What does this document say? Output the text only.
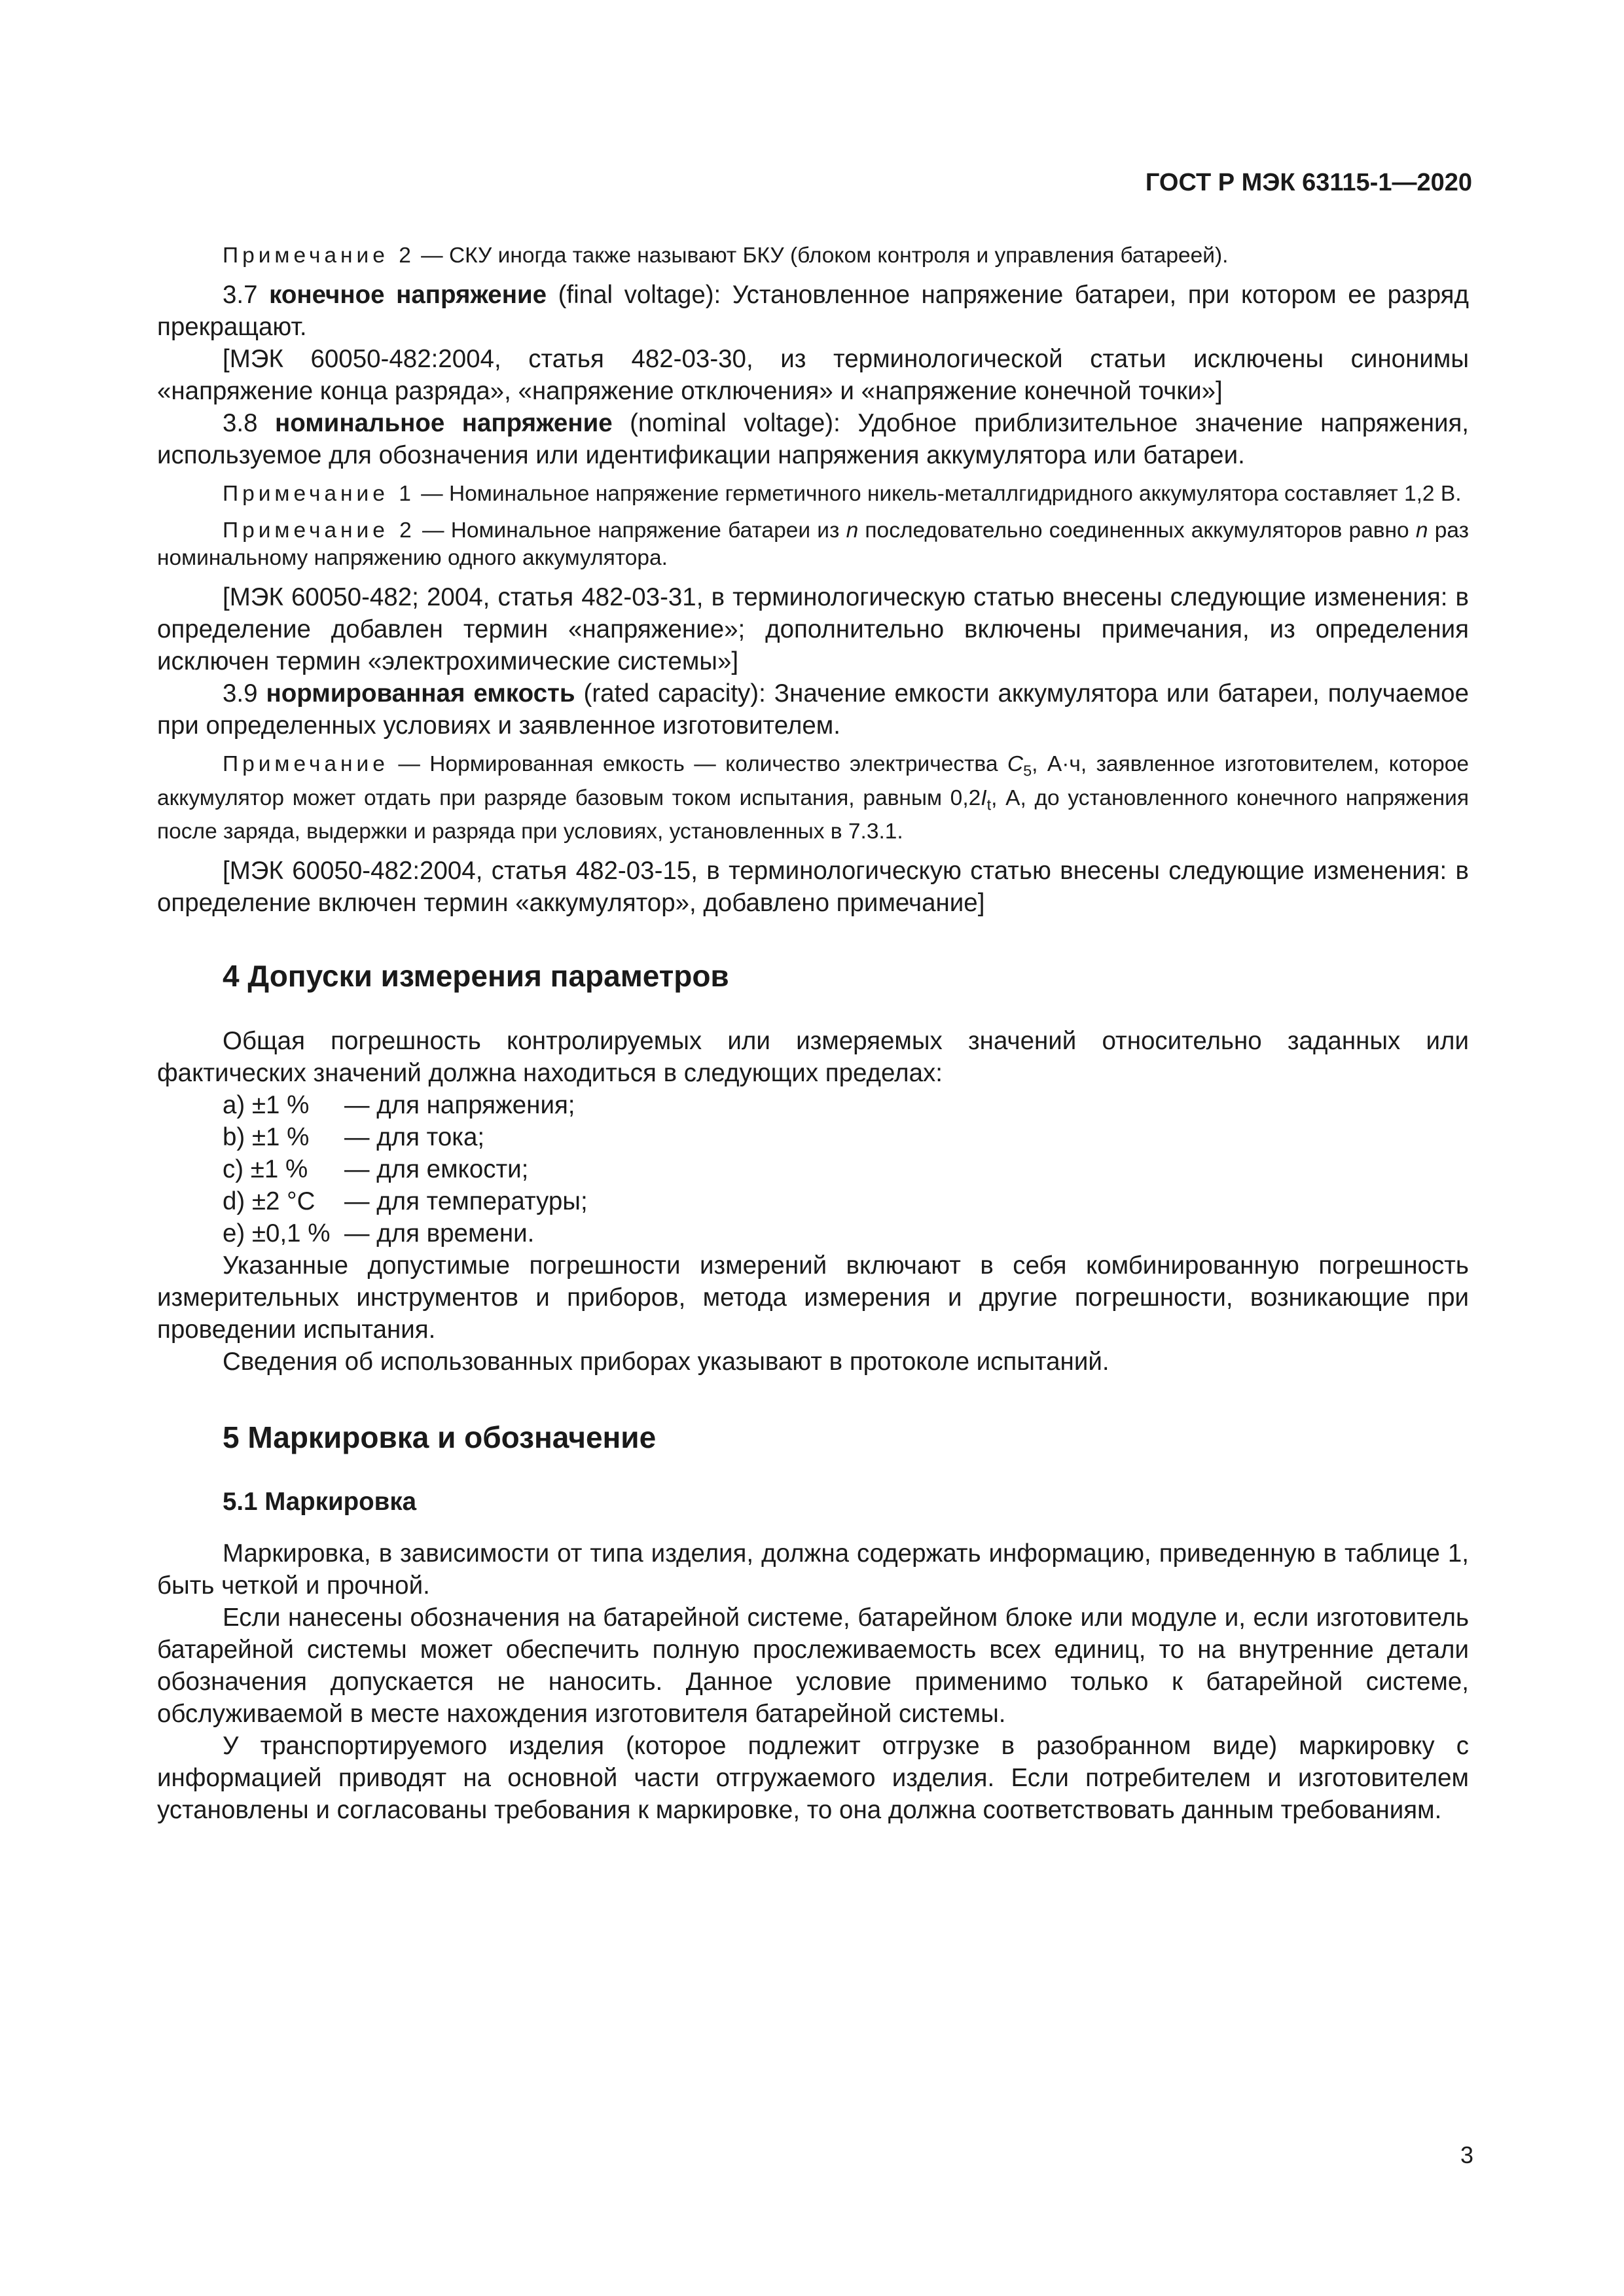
ГОСТ Р МЭК 63115-1—2020

Примечание 2 — СКУ иногда также называют БКУ (блоком контроля и управления батареей).

3.7 конечное напряжение (final voltage): Установленное напряжение батареи, при котором ее разряд прекращают.

[МЭК 60050-482:2004, статья 482-03-30, из терминологической статьи исключены синонимы «напряжение конца разряда», «напряжение отключения» и «напряжение конечной точки»]

3.8 номинальное напряжение (nominal voltage): Удобное приблизительное значение напряжения, используемое для обозначения или идентификации напряжения аккумулятора или батареи.

Примечание 1 — Номинальное напряжение герметичного никель-металлгидридного аккумулятора составляет 1,2 В.

Примечание 2 — Номинальное напряжение батареи из n последовательно соединенных аккумуляторов равно n раз номинальному напряжению одного аккумулятора.

[МЭК 60050-482; 2004, статья 482-03-31, в терминологическую статью внесены следующие изменения: в определение добавлен термин «напряжение»; дополнительно включены примечания, из определения исключен термин «электрохимические системы»]

3.9 нормированная емкость (rated capacity): Значение емкости аккумулятора или батареи, получаемое при определенных условиях и заявленное изготовителем.

Примечание — Нормированная емкость — количество электричества $C_5$, А·ч, заявленное изготовителем, которое аккумулятор может отдать при разряде базовым током испытания, равным $0,2I_t$, А, до установленного конечного напряжения после заряда, выдержки и разряда при условиях, установленных в 7.3.1.

[МЭК 60050-482:2004, статья 482-03-15, в терминологическую статью внесены следующие изменения: в определение включен термин «аккумулятор», добавлено примечание]

4 Допуски измерения параметров

Общая погрешность контролируемых или измеряемых значений относительно заданных или фактических значений должна находиться в следующих пределах:

a) ±1 % — для напряжения;
b) ±1 % — для тока;
c) ±1 % — для емкости;
d) ±2 °C — для температуры;
e) ±0,1 % — для времени.

Указанные допустимые погрешности измерений включают в себя комбинированную погрешность измерительных инструментов и приборов, метода измерения и другие погрешности, возникающие при проведении испытания.

Сведения об использованных приборах указывают в протоколе испытаний.

5 Маркировка и обозначение
5.1 Маркировка

Маркировка, в зависимости от типа изделия, должна содержать информацию, приведенную в таблице 1, быть четкой и прочной.

Если нанесены обозначения на батарейной системе, батарейном блоке или модуле и, если изготовитель батарейной системы может обеспечить полную прослеживаемость всех единиц, то на внутренние детали обозначения допускается не наносить. Данное условие применимо только к батарейной системе, обслуживаемой в месте нахождения изготовителя батарейной системы.

У транспортируемого изделия (которое подлежит отгрузке в разобранном виде) маркировку с информацией приводят на основной части отгружаемого изделия. Если потребителем и изготовителем установлены и согласованы требования к маркировке, то она должна соответствовать данным требованиям.

3
